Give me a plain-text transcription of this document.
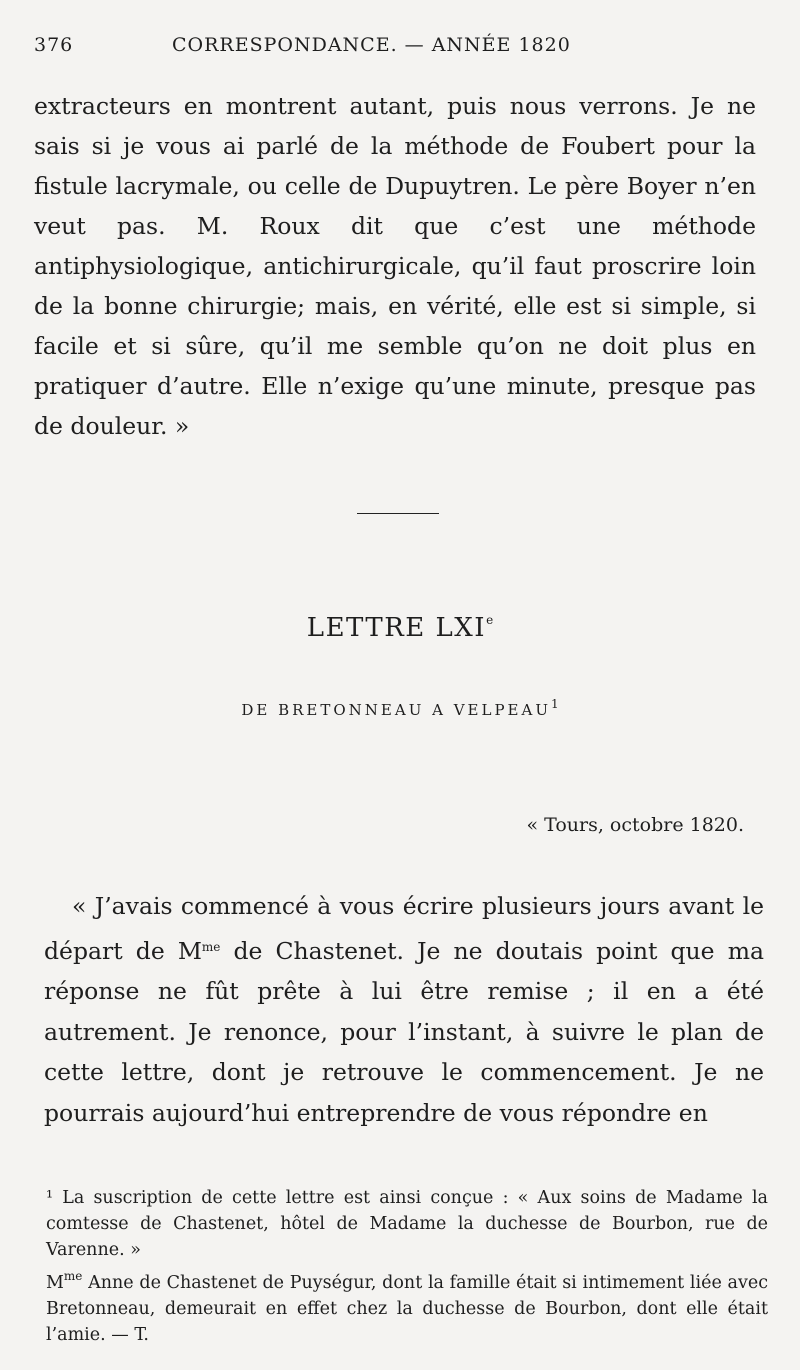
376	CORRESPONDANCE. — ANNÉE 1820

extracteurs en montrent autant, puis nous verrons. Je ne sais si je vous ai parlé de la méthode de Foubert pour la fistule lacrymale, ou celle de Dupuytren. Le père Boyer n’en veut pas. M. Roux dit que c’est une méthode antiphysiologique, antichirurgicale, qu’il faut proscrire loin de la bonne chirurgie; mais, en vérité, elle est si simple, si facile et si sûre, qu’il me semble qu’on ne doit plus en pratiquer d’autre. Elle n’exige qu’une minute, presque pas de douleur. »

LETTRE LXIe
DE BRETONNEAU A VELPEAU$^1$
« Tours, octobre 1820.

« J’avais commencé à vous écrire plusieurs jours avant le départ de $M^{me}$ de Chastenet. Je ne doutais point que ma réponse ne fût prête à lui être remise ; il en a été autrement. Je renonce, pour l’instant, à suivre le plan de cette lettre, dont je retrouve le commencement. Je ne pourrais aujourd’hui entreprendre de vous répondre en

¹ La suscription de cette lettre est ainsi conçue : « Aux soins de Madame la comtesse de Chastenet, hôtel de Madame la duchesse de Bourbon, rue de Varenne. »

$M^{me}$ Anne de Chastenet de Puységur, dont la famille était si intimement liée avec Bretonneau, demeurait en effet chez la duchesse de Bourbon, dont elle était l’amie. — T.
